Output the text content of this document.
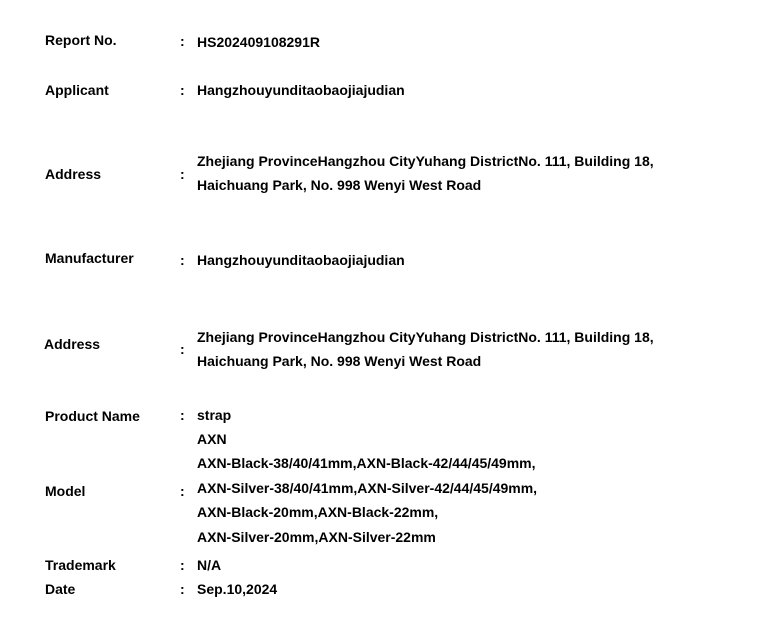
Report No.	: HS202409108291R
Applicant	: Hangzhouyunditaobaojiajudian
Address	:
Zhejiang ProvinceHangzhou CityYuhang DistrictNo. 111, Building 18,
Haichuang Park, No. 998 Wenyi West Road
Manufacturer	: Hangzhouyunditaobaojiajudian
Address	:
Zhejiang ProvinceHangzhou CityYuhang DistrictNo. 111, Building 18,
Haichuang Park, No. 998 Wenyi West Road
Product Name	: strap
Model	:
AXN
AXN-Black-38/40/41mm,AXN-Black-42/44/45/49mm,
AXN-Silver-38/40/41mm,AXN-Silver-42/44/45/49mm,
AXN-Black-20mm,AXN-Black-22mm,
AXN-Silver-20mm,AXN-Silver-22mm
Trademark	: N/A
Date	: Sep.10,2024
